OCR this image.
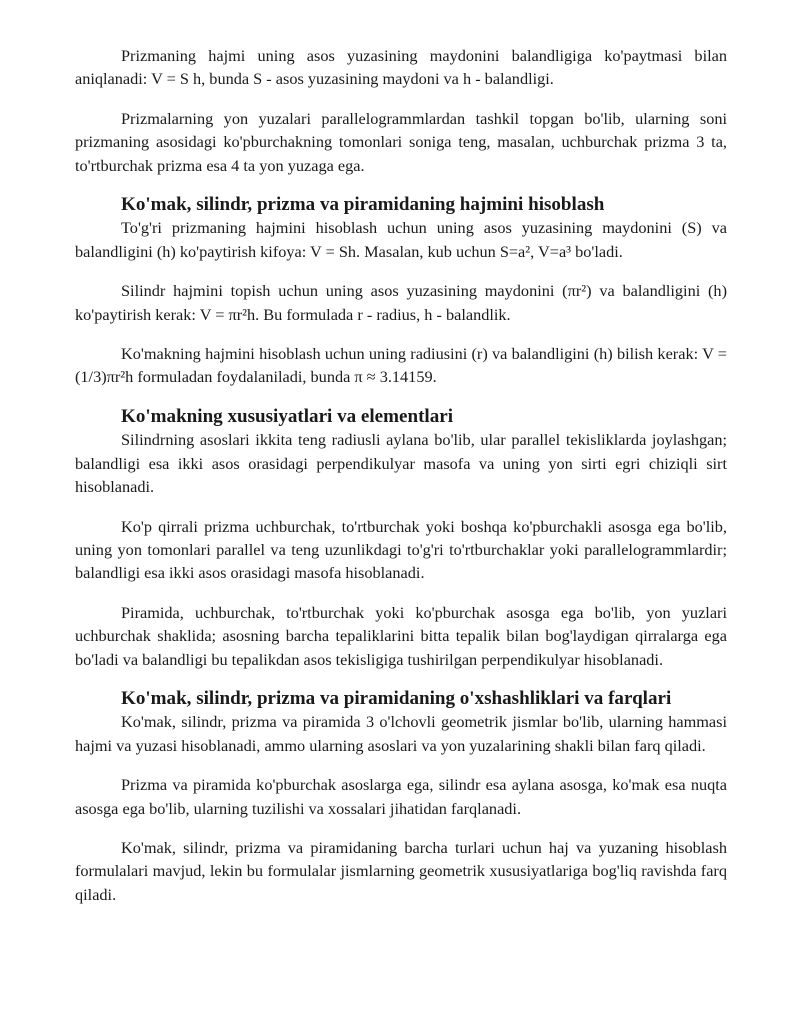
Prizmaning hajmi uning asos yuzasining maydonini balandligiga ko'paytmasi bilan aniqlanadi: V = S h, bunda S - asos yuzasining maydoni va h - balandligi.

Prizmalarning yon yuzalari parallelogrammlardan tashkil topgan bo'lib, ularning soni prizmaning asosidagi ko'pburchakning tomonlari soniga teng, masalan, uchburchak prizma 3 ta, to'rtburchak prizma esa 4 ta yon yuzaga ega.

Ko'mak, silindr, prizma va piramidaning hajmini hisoblash

To'g'ri prizmaning hajmini hisoblash uchun uning asos yuzasining maydonini (S) va balandligini (h) ko'paytirish kifoya: V = Sh. Masalan, kub uchun S=a², V=a³ bo'ladi.

Silindr hajmini topish uchun uning asos yuzasining maydonini (πr²) va balandligini (h) ko'paytirish kerak: V = πr²h. Bu formulada r - radius, h - balandlik.

Ko'makning hajmini hisoblash uchun uning radiusini (r) va balandligini (h) bilish kerak: V = (1/3)πr²h formuladan foydalaniladi, bunda π ≈ 3.14159.

Ko'makning xususiyatlari va elementlari

Silindrning asoslari ikkita teng radiusli aylana bo'lib, ular parallel tekisliklarda joylashgan; balandligi esa ikki asos orasidagi perpendikulyar masofa va uning yon sirti egri chiziqli sirt hisoblanadi.

Ko'p qirrali prizma uchburchak, to'rtburchak yoki boshqa ko'pburchakli asosga ega bo'lib, uning yon tomonlari parallel va teng uzunlikdagi to'g'ri to'rtburchaklar yoki parallelogrammlardir; balandligi esa ikki asos orasidagi masofa hisoblanadi.

Piramida, uchburchak, to'rtburchak yoki ko'pburchak asosga ega bo'lib, yon yuzlari uchburchak shaklida; asosning barcha tepaliklarini bitta tepalik bilan bog'laydigan qirralarga ega bo'ladi va balandligi bu tepalikdan asos tekisligiga tushirilgan perpendikulyar hisoblanadi.

Ko'mak, silindr, prizma va piramidaning o'xshashliklari va farqlari

Ko'mak, silindr, prizma va piramida 3 o'lchovli geometrik jismlar bo'lib, ularning hammasi hajmi va yuzasi hisoblanadi, ammo ularning asoslari va yon yuzalarining shakli bilan farq qiladi.

Prizma va piramida ko'pburchak asoslarga ega, silindr esa aylana asosga, ko'mak esa nuqta asosga ega bo'lib, ularning tuzilishi va xossalari jihatidan farqlanadi.

Ko'mak, silindr, prizma va piramidaning barcha turlari uchun haj va yuzaning hisoblash formulalari mavjud, lekin bu formulalar jismlarning geometrik xususiyatlariga bog'liq ravishda farq qiladi.
